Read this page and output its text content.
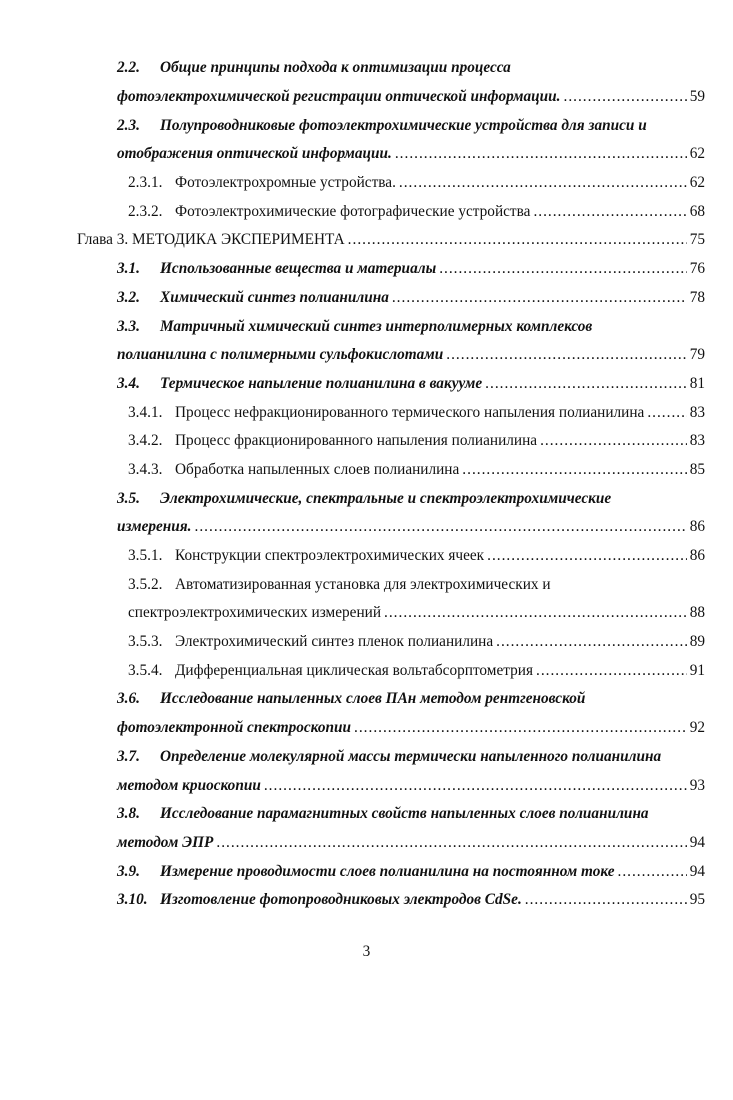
2.2.	Общие принципы подхода к оптимизации процесса
фотоэлектрохимической регистрации оптической информации. .....	59
2.3.	Полупроводниковые фотоэлектрохимические устройства для записи и
отображения оптической информации. .....	62
2.3.1. Фотоэлектрохромные устройства. .....	62
2.3.2. Фотоэлектрохимические фотографические устройства .....	68
Глава 3. МЕТОДИКА ЭКСПЕРИМЕНТА .....	75
3.1.	Использованные вещества и материалы .....	76
3.2.	Химический синтез полианилина .....	78
3.3.	Матричный химический синтез интерполимерных комплексов
полианилина с полимерными сульфокислотами .....	79
3.4.	Термическое напыление полианилина в вакууме .....	81
3.4.1. Процесс нефракционированного термического напыления полианилина .....	83
3.4.2. Процесс фракционированного напыления полианилина .....	83
3.4.3. Обработка напыленных слоев полианилина .....	85
3.5.	Электрохимические, спектральные и спектроэлектрохимические
измерения. .....	86
3.5.1. Конструкции спектроэлектрохимических ячеек .....	86
3.5.2. Автоматизированная установка для электрохимических и
спектроэлектрохимических измерений .....	88
3.5.3. Электрохимический синтез пленок полианилина .....	89
3.5.4. Дифференциальная циклическая вольтабсорптометрия .....	91
3.6.	Исследование напыленных слоев ПАн методом рентгеновской
фотоэлектронной спектроскопии .....	92
3.7.	Определение молекулярной массы термически напыленного полианилина
методом криоскопии .....	93
3.8.	Исследование парамагнитных свойств напыленных слоев полианилина
методом ЭПР .....	94
3.9.	Измерение проводимости слоев полианилина на постоянном токе .....	94
3.10. Изготовление фотопроводниковых электродов CdSe. .....	95
3
